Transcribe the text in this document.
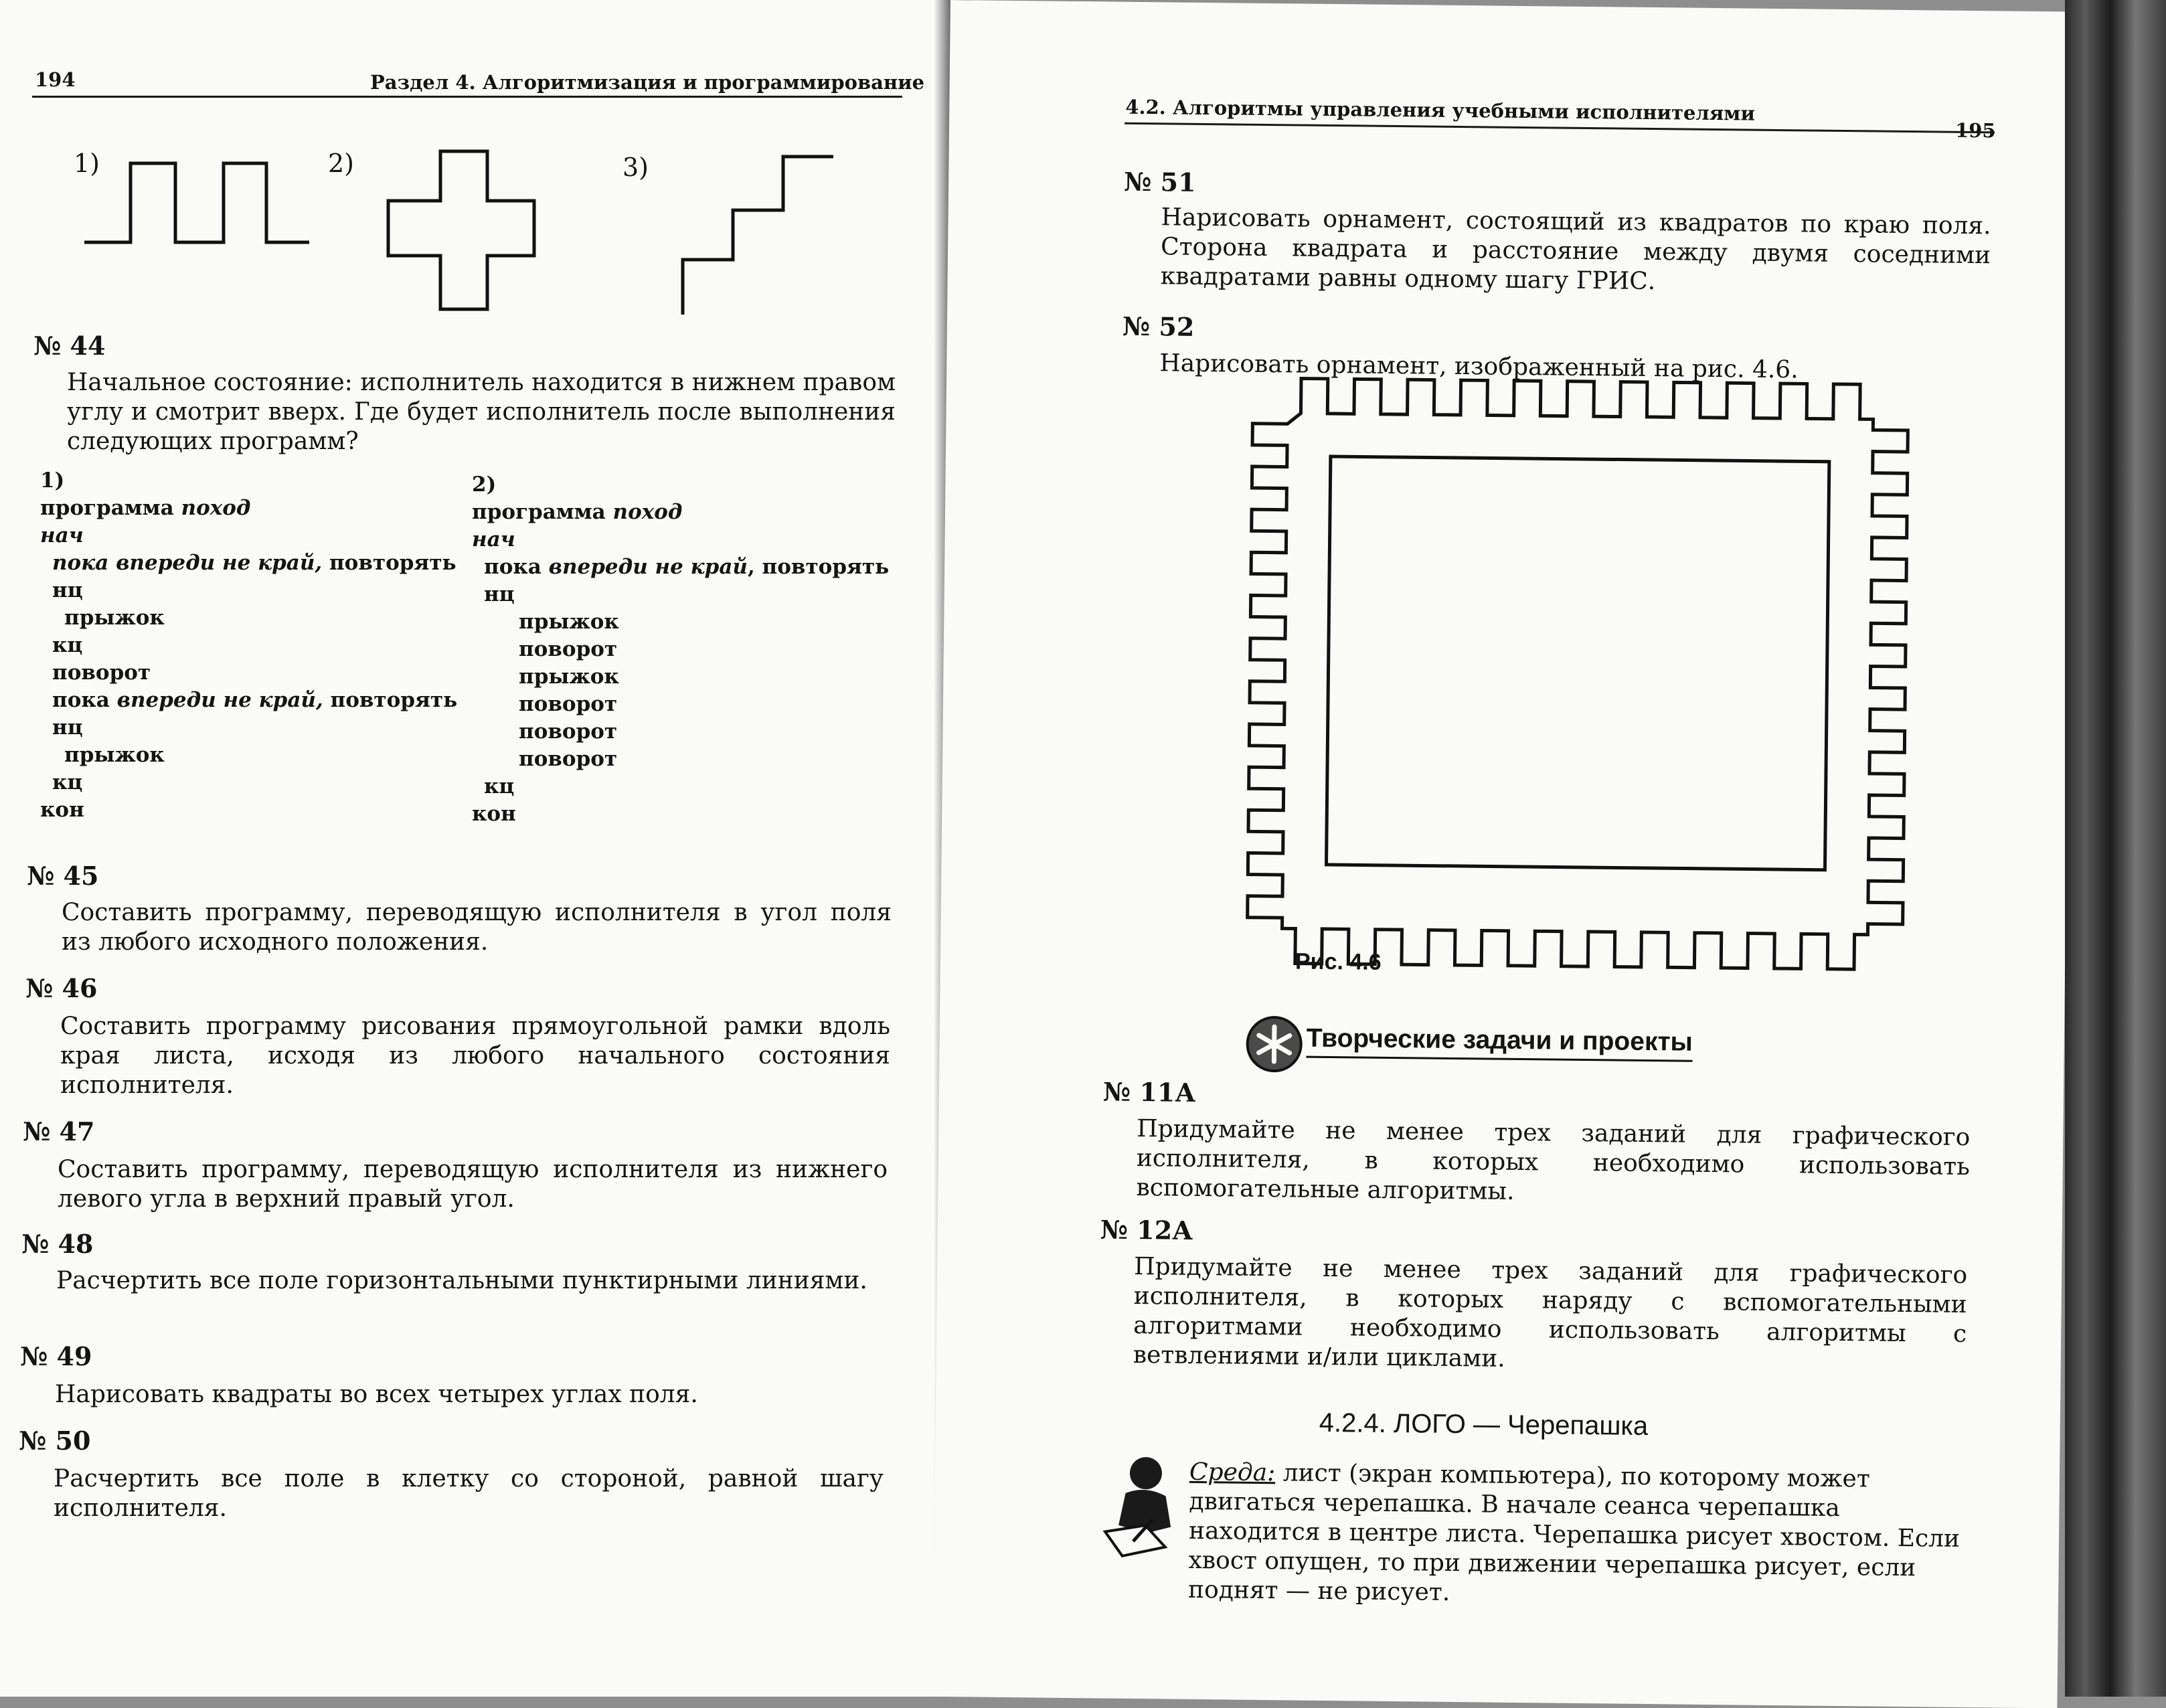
194	Раздел 4. Алгоритмизация и программирование
1)	2)	3)
№ 44
Начальное состояние: исполнитель находится в нижнем правом углу и смотрит вверх. Где будет исполнитель после выполнения следующих программ?
1)
программа поход
нач
пока впереди не край, повторять
нц
прыжок
кц
поворот
пока впереди не край, повторять
нц
прыжок
кц
кон
2)
программа поход
нач
пока впереди не край, повторять
нц
прыжок
поворот
прыжок
поворот
поворот
поворот
кц
кон
№ 45
Составить программу, переводящую исполнителя в угол поля из любого исходного положения.
№ 46
Составить программу рисования прямоугольной рамки вдоль края листа, исходя из любого начального состояния исполнителя.
№ 47
Составить программу, переводящую исполнителя из нижнего левого угла в верхний правый угол.
№ 48
Расчертить все поле горизонтальными пунктирными линиями.
№ 49
Нарисовать квадраты во всех четырех углах поля.
№ 50
Расчертить все поле в клетку со стороной, равной шагу исполнителя.
4.2. Алгоритмы управления учебными исполнителями
195
№ 51
Нарисовать орнамент, состоящий из квадратов по краю поля. Сторона квадрата и расстояние между двумя соседними квадратами равны одному шагу ГРИС.
№ 52
Нарисовать орнамент, изображенный на рис. 4.6.
Рис. 4.6
Творческие задачи и проекты
№ 11А
Придумайте не менее трех заданий для графического исполнителя, в которых необходимо использовать вспомогательные алгоритмы.
№ 12А
Придумайте не менее трех заданий для графического исполнителя, в которых наряду с вспомогательными алгоритмами необходимо использовать алгоритмы с ветвлениями и/или циклами.
4.2.4. ЛОГО — Черепашка
Среда: лист (экран компьютера), по которому может двигаться черепашка. В начале сеанса черепашка находится в центре листа. Черепашка рисует хвостом. Если хвост опущен, то при движении черепашка рисует, если поднят — не рисует.
